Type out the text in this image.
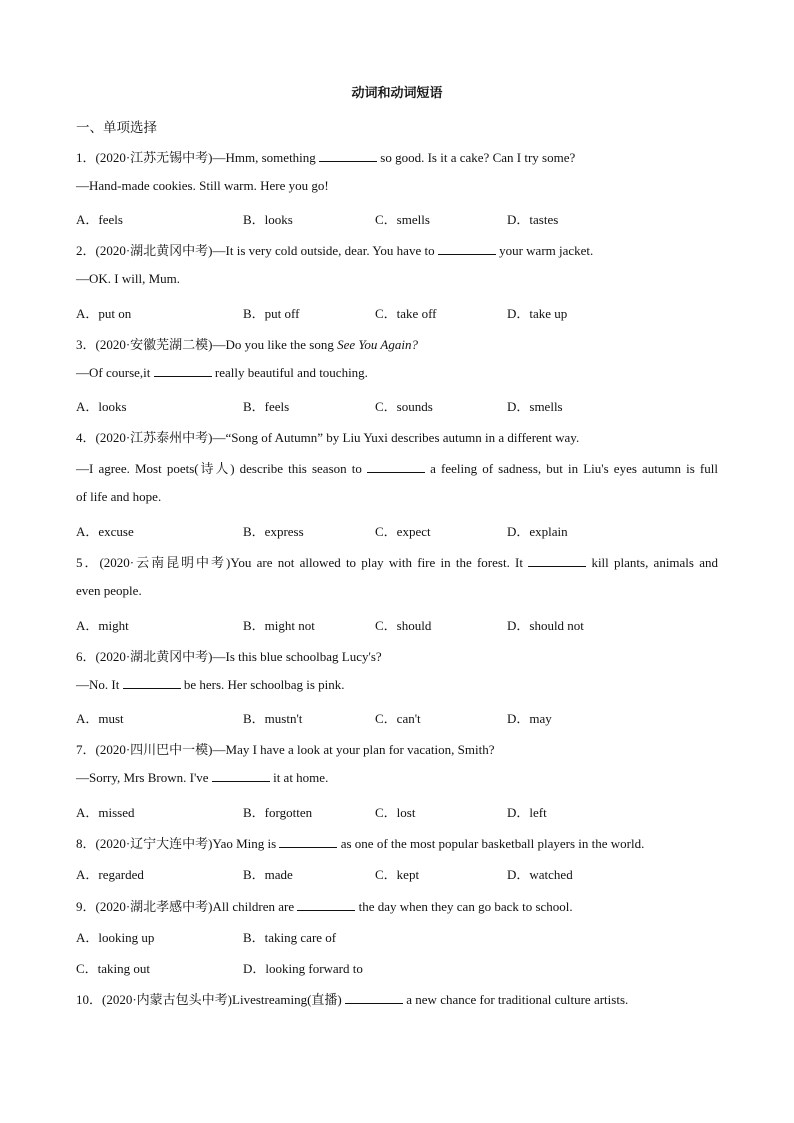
动词和动词短语
一、单项选择
1．(2020·江苏无锡中考)—Hmm, something	so good. Is it a cake? Can I try some?
—Hand-made cookies. Still warm. Here you go!
A．feels	B．looks	C．smells	D．tastes
2．(2020·湖北黄冈中考)—It is very cold outside, dear. You have to	your warm jacket.
—OK. I will, Mum.
A．put on	B．put off	C．take off	D．take up
3．(2020·安徽芜湖二模)—Do you like the song See You Again?
—Of course,it	really beautiful and touching.
A．looks	B．feels	C．sounds	D．smells
4．(2020·江苏泰州中考)—“Song of Autumn” by Liu Yuxi describes autumn in a different way.
—I agree. Most poets(诗人) describe this season to	a feeling of sadness, but in Liu's eyes autumn is full
of life and hope.
A．excuse	B．express	C．expect	D．explain
5．(2020·云南昆明中考)You are not allowed to play with fire in the forest. It	kill plants, animals and
even people.
A．might	B．might not	C．should	D．should not
6．(2020·湖北黄冈中考)—Is this blue schoolbag Lucy's?
—No. It	be hers. Her schoolbag is pink.
A．must	B．mustn't	C．can't	D．may
7．(2020·四川巴中一模)—May I have a look at your plan for vacation, Smith?
—Sorry, Mrs Brown. I've	it at home.
A．missed	B．forgotten	C．lost	D．left
8．(2020·辽宁大连中考)Yao Ming is	as one of the most popular basketball players in the world.
A．regarded	B．made	C．kept	D．watched
9．(2020·湖北孝感中考)All children are	the day when they can go back to school.
A．looking up	B．taking care of
C．taking out	D．looking forward to
10．(2020·内蒙古包头中考)Livestreaming(直播)	a new chance for traditional culture artists.
